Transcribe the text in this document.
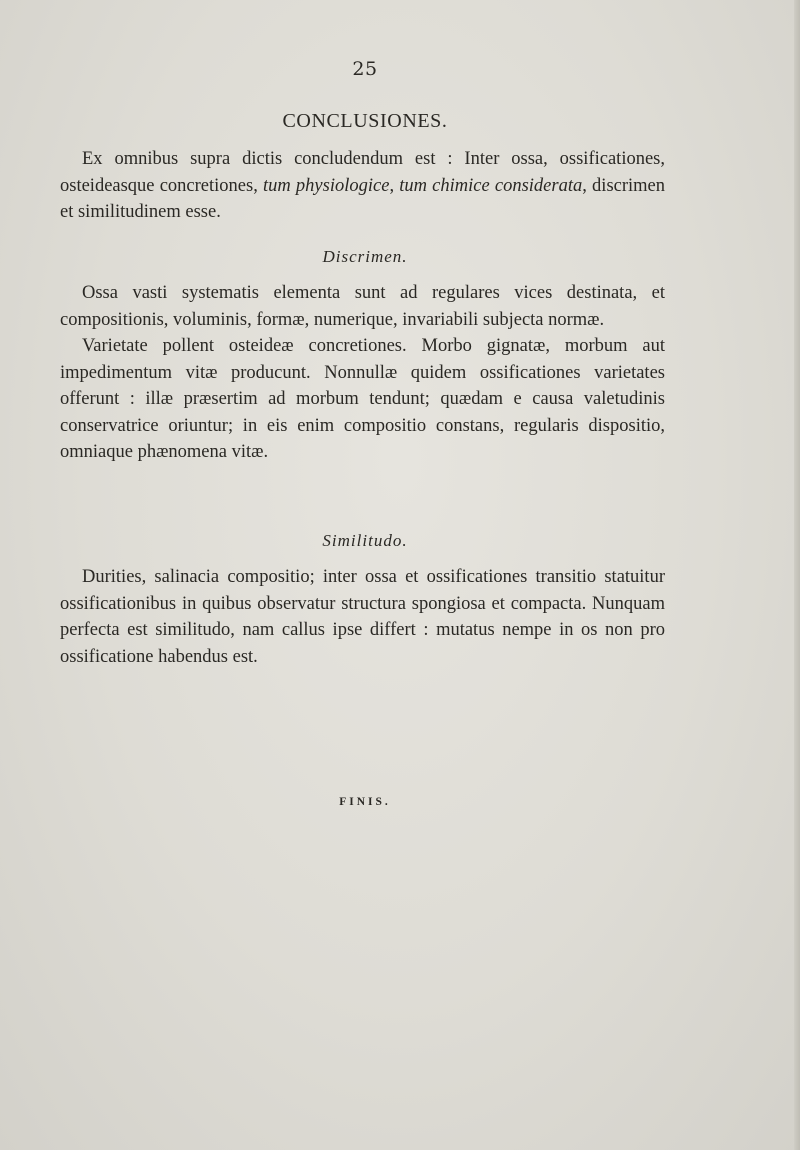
25
CONCLUSIONES.

Ex omnibus supra dictis concludendum est : Inter ossa, ossificationes, osteideasque concretiones, tum physiologice, tum chimice considerata, discrimen et similitudinem esse.

Discrimen.

Ossa vasti systematis elementa sunt ad regulares vices destinata, et compositionis, voluminis, formæ, numerique, invariabili subjecta normæ.

Varietate pollent osteideæ concretiones. Morbo gignatæ, morbum aut impedimentum vitæ producunt. Nonnullæ quidem ossificationes varietates offerunt : illæ præsertim ad morbum tendunt; quædam e causa valetudinis conservatrice oriuntur; in eis enim compositio constans, regularis dispositio, omniaque phænomena vitæ.

Similitudo.

Durities, salinacia compositio; inter ossa et ossificationes transitio statuitur ossificationibus in quibus observatur structura spongiosa et compacta. Nunquam perfecta est similitudo, nam callus ipse differt : mutatus nempe in os non pro ossificatione habendus est.

FINIS.
